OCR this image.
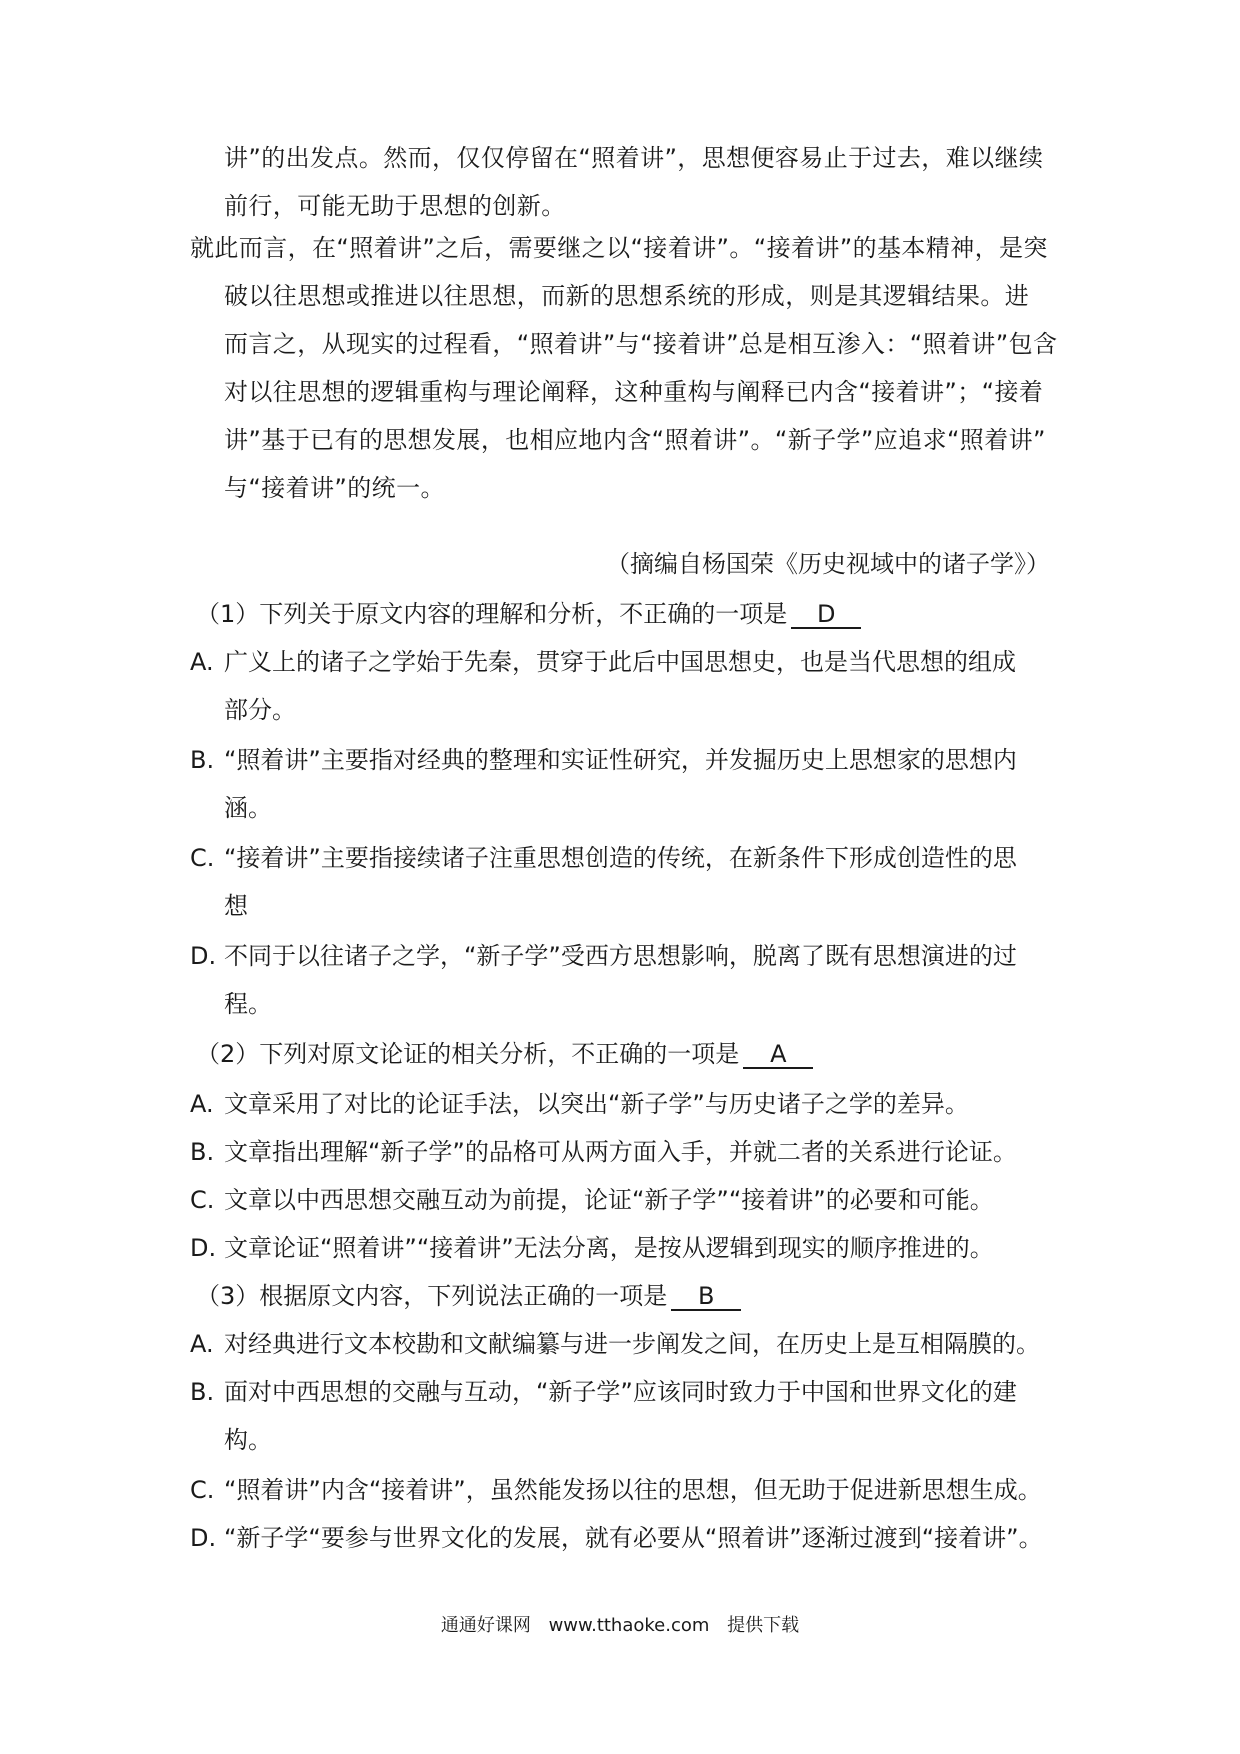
讲”的出发点。然而，仅仅停留在“照着讲”，思想便容易止于过去，难以继续
前行，可能无助于思想的创新。
就此而言，在“照着讲”之后，需要继之以“接着讲”。“接着讲”的基本精神，是突
破以往思想或推进以往思想，而新的思想系统的形成，则是其逻辑结果。进
而言之，从现实的过程看，“照着讲”与“接着讲”总是相互渗入：“照着讲”包含
对以往思想的逻辑重构与理论阐释，这种重构与阐释已内含“接着讲”；“接着
讲”基于已有的思想发展，也相应地内含“照着讲”。“新子学”应追求“照着讲”
与“接着讲”的统一。
（摘编自杨国荣《历史视域中的诸子学》）
（1）下列关于原文内容的理解和分析，不正确的一项是 D
A. 广义上的诸子之学始于先秦，贯穿于此后中国思想史，也是当代思想的组成
部分。
B. “照着讲”主要指对经典的整理和实证性研究，并发掘历史上思想家的思想内
涵。
C. “接着讲”主要指接续诸子注重思想创造的传统，在新条件下形成创造性的思
想
D. 不同于以往诸子之学，“新子学”受西方思想影响，脱离了既有思想演进的过
程。
（2）下列对原文论证的相关分析，不正确的一项是 A
A. 文章采用了对比的论证手法，以突出“新子学”与历史诸子之学的差异。
B. 文章指出理解“新子学”的品格可从两方面入手，并就二者的关系进行论证。
C. 文章以中西思想交融互动为前提，论证“新子学”“接着讲”的必要和可能。
D. 文章论证“照着讲”“接着讲”无法分离，是按从逻辑到现实的顺序推进的。
（3）根据原文内容，下列说法正确的一项是 B
A. 对经典进行文本校勘和文献编纂与进一步阐发之间，在历史上是互相隔膜的。
B. 面对中西思想的交融与互动，“新子学”应该同时致力于中国和世界文化的建
构。
C. “照着讲”内含“接着讲”，虽然能发扬以往的思想，但无助于促进新思想生成。
D. “新子学“要参与世界文化的发展，就有必要从“照着讲”逐渐过渡到“接着讲”。
通通好课网 www.tthaoke.com 提供下载
